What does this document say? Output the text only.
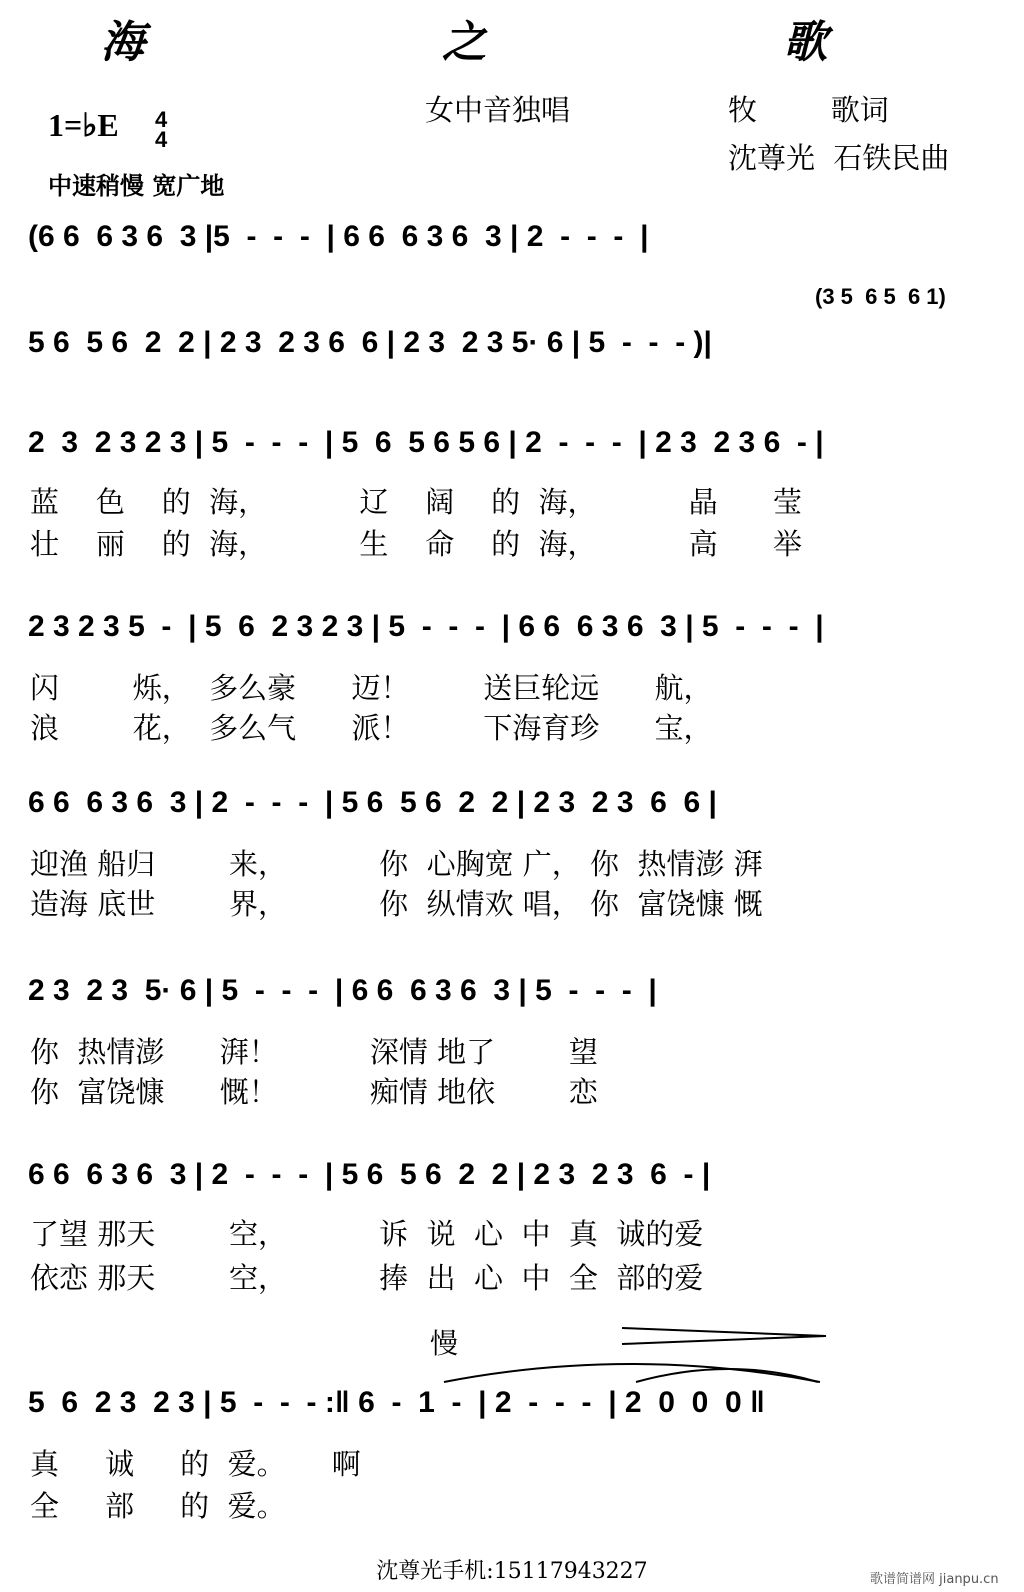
海 之 歌
女中音独唱	牧        歌词
沈尊光  石铁民曲
1=♭E 4
4
中速稍慢 宽广地
(6 6  6 3 6  3 |5  -  -  -  | 6 6  6 3 6  3 | 2  -  -  -  |
(3 5  6 5  6 1)
5 6  5 6  2  2 | 2 3  2 3 6  6 | 2 3  2 3 5· 6 | 5  -  -  - )|
2  3  2 3 2 3 | 5  -  -  -  | 5  6  5 6 5 6 | 2  -  -  -  | 2 3  2 3 6  - |
蓝    色    的  海，          辽    阔    的  海，          晶      莹
壮    丽    的  海，          生    命    的  海，          高      举
2 3 2 3 5  -  | 5  6  2 3 2 3 | 5  -  -  -  | 6 6  6 3 6  3 | 5  -  -  -  |
闪        烁，  多么豪      迈！        送巨轮远      航，
浪        花，  多么气      派！        下海育珍      宝，
6 6  6 3 6  3 | 2  -  -  -  | 5 6  5 6  2  2 | 2 3  2 3  6  6 |
迎渔 船归        来，          你  心胸宽 广， 你  热情澎 湃
造海 底世        界，          你  纵情欢 唱， 你  富饶慷 慨
2 3  2 3  5· 6 | 5  -  -  -  | 6 6  6 3 6  3 | 5  -  -  -  |
你  热情澎      湃！          深情 地了        望
你  富饶慷      慨！          痴情 地依        恋
6 6  6 3 6  3 | 2  -  -  -  | 5 6  5 6  2  2 | 2 3  2 3  6  - |
了望 那天        空，          诉  说  心  中  真  诚的爱
依恋 那天        空，          捧  出  心  中  全  部的爱
慢
5  6  2 3  2 3 | 5  -  -  - :‖ 6  -  1  -  | 2  -  -  -  | 2  0  0  0 ‖
真     诚     的  爱。     啊
全     部     的  爱。
沈尊光手机:15117943227	歌谱简谱网 jianpu.cn
